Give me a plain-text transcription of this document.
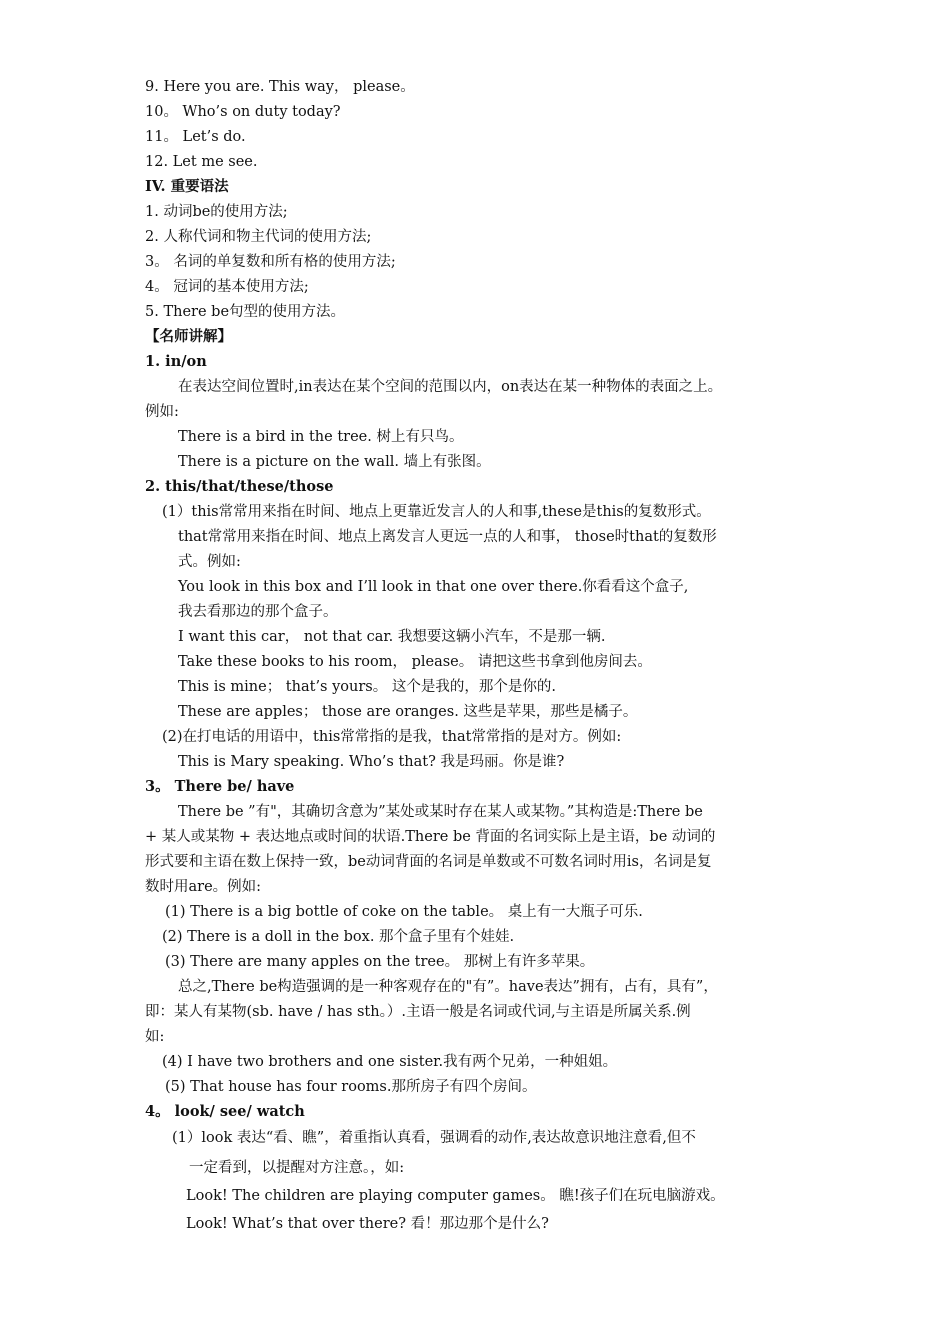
9. Here you are. This way， please。
10。 Who’s on duty today?
11。 Let’s do.
12. Let me see.
IV. 重要语法
1. 动词be的使用方法;
2. 人称代词和物主代词的使用方法;
3。 名词的单复数和所有格的使用方法;
4。 冠词的基本使用方法;
5. There be句型的使用方法。
【名师讲解】
1. in/on
在表达空间位置时,in表达在某个空间的范围以内，on表达在某一种物体的表面之上。
例如:
There is a bird in the tree. 树上有只鸟。
There is a picture on the wall. 墙上有张图。
2. this/that/these/those
(1）this常常用来指在时间、地点上更靠近发言人的人和事,these是this的复数形式。
that常常用来指在时间、地点上离发言人更远一点的人和事， those时that的复数形
式。例如:
You look in this box and I’ll look in that one over there.你看看这个盒子,
我去看那边的那个盒子。
I want this car， not that car. 我想要这辆小汽车，不是那一辆.
Take these books to his room， please。 请把这些书拿到他房间去。
This is mine； that’s yours。 这个是我的，那个是你的.
These are apples； those are oranges. 这些是苹果，那些是橘子。
(2)在打电话的用语中，this常常指的是我，that常常指的是对方。例如:
This is Mary speaking. Who’s that? 我是玛丽。你是谁?
3。 There be/ have
There be ”有"，其确切含意为”某处或某时存在某人或某物。”其构造是:There be
+ 某人或某物 + 表达地点或时间的状语.There be 背面的名词实际上是主语，be 动词的
形式要和主语在数上保持一致，be动词背面的名词是单数或不可数名词时用is，名词是复
数时用are。例如:
(1) There is a big bottle of coke on the table。 桌上有一大瓶子可乐.
(2) There is a doll in the box. 那个盒子里有个娃娃.
(3) There are many apples on the tree。 那树上有许多苹果。
总之,There be构造强调的是一种客观存在的"有”。have表达”拥有，占有，具有”，
即：某人有某物(sb. have / has sth。）.主语一般是名词或代词,与主语是所属关系.例
如:
(4) I have two brothers and one sister.我有两个兄弟，一种姐姐。
(5) That house has four rooms.那所房子有四个房间。
4。 look/ see/ watch
(1）look 表达“看、瞧”，着重指认真看，强调看的动作,表达故意识地注意看,但不
一定看到，以提醒对方注意。，如:
Look! The children are playing computer games。 瞧!孩子们在玩电脑游戏。
Look! What’s that over there? 看！那边那个是什么?
